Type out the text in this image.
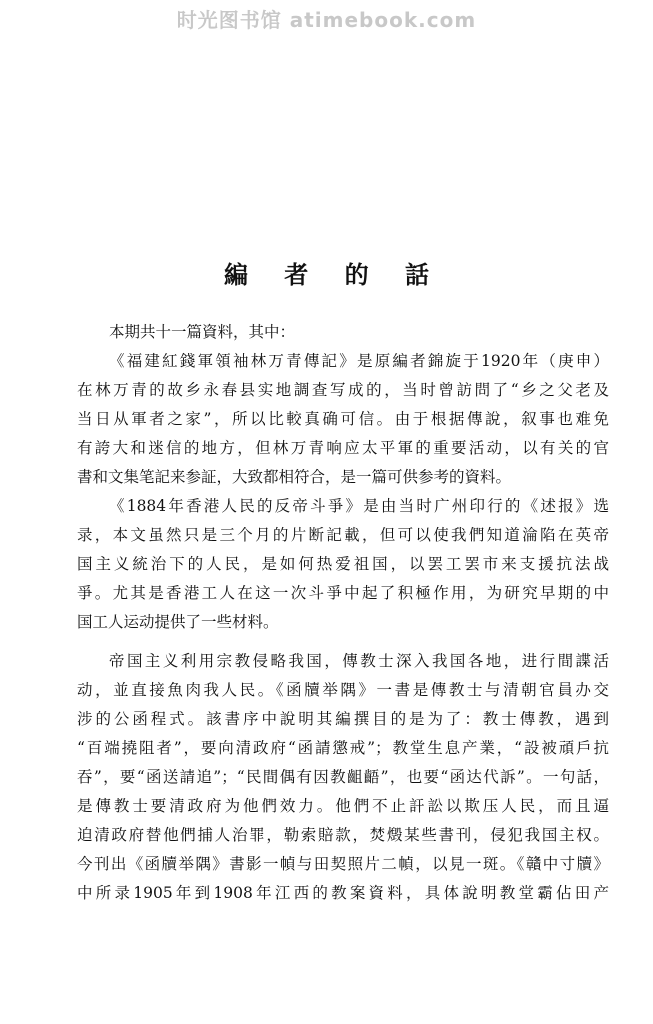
时光图书馆 atimebook.com
編 者 的 話

本期共十一篇資料，其中：

《福建紅錢軍領袖林万青傳記》是原編者錦旋于1920年（庚申）
在林万青的故乡永春县实地調查写成的，当时曾訪問了“乡之父老及
当日从軍者之家”，所以比較真确可信。由于根据傳說，叙事也难免
有誇大和迷信的地方，但林万青响应太平軍的重要活动，以有关的官
書和文集笔記来参証，大致都相符合，是一篇可供参考的資料。

《1884年香港人民的反帝斗爭》是由当时广州印行的《述报》选
录，本文虽然只是三个月的片断記載，但可以使我們知道淪陷在英帝
国主义統治下的人民，是如何热爱祖国，以罢工罢市来支援抗法战
爭。尤其是香港工人在这一次斗爭中起了积極作用，为研究早期的中
国工人运动提供了一些材料。

帝国主义利用宗教侵略我国，傳教士深入我国各地，进行間諜活
动，並直接魚肉我人民。《函牘举隅》一書是傳教士与清朝官員办交
涉的公函程式。該書序中說明其編撰目的是为了：教士傳教，遇到
“百端撓阻者”，要向清政府“函請懲戒”；教堂生息产業，“設被頑戶抗
吞”，要“函送請追”；“民間偶有因教齟齬”，也要“函达代訴”。一句話，
是傳教士要清政府为他們效力。他們不止訐訟以欺压人民，而且逼
迫清政府替他們捕人治罪，勒索賠款，焚燬某些書刊，侵犯我国主权。
今刊出《函牘举隅》書影一幀与田契照片二幀，以見一斑。《贛中寸牘》
中所录1905年到1908年江西的教案資料，具体說明教堂霸佔田产
